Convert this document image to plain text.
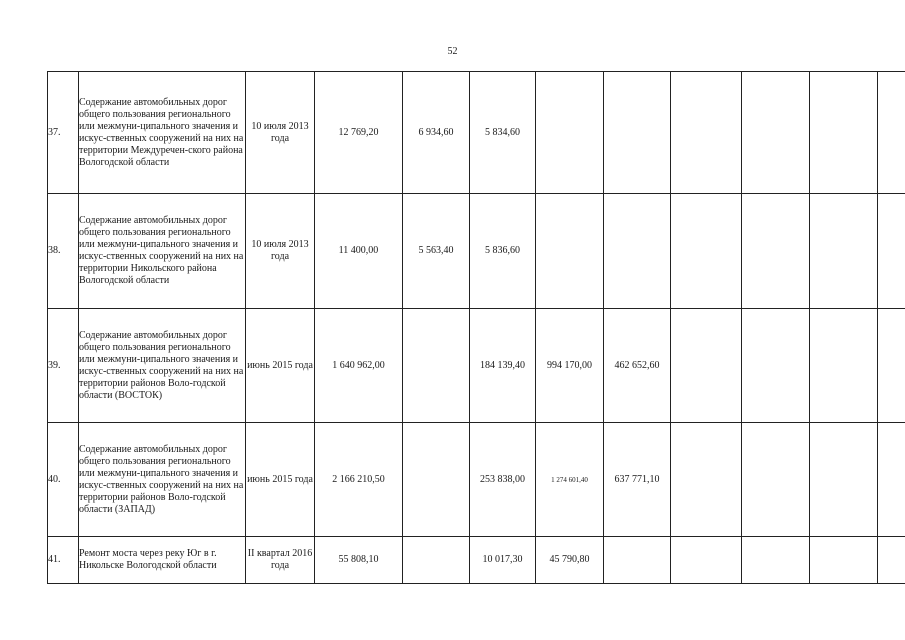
52
37.	Содержание автомобильных дорог общего пользования регионального или межмуни-ципального значения и искус-ственных сооружений на них на территории Междуречен-ского района Вологодской области	10 июля 2013 года	12 769,20	6 934,60	5 834,60						
38.	Содержание автомобильных дорог общего пользования регионального или межмуни-ципального значения и искус-ственных сооружений на них на территории Никольского района Вологодской области	10 июля 2013 года	11 400,00	5 563,40	5 836,60						
39.	Содержание автомобильных дорог общего пользования регионального или межмуни-ципального значения и искус-ственных сооружений на них на территории районов Воло-годской области (ВОСТОК)	июнь 2015 года	1 640 962,00		184 139,40	994 170,00	462 652,60				
40.	Содержание автомобильных дорог общего пользования регионального или межмуни-ципального значения и искус-ственных сооружений на них на территории районов Воло-годской области (ЗАПАД)	июнь 2015 года	2 166 210,50		253 838,00	1 274 601,40	637 771,10				
41.	Ремонт моста через реку Юг в г. Никольске Вологодской области	II квартал 2016 года	55 808,10		10 017,30	45 790,80					
